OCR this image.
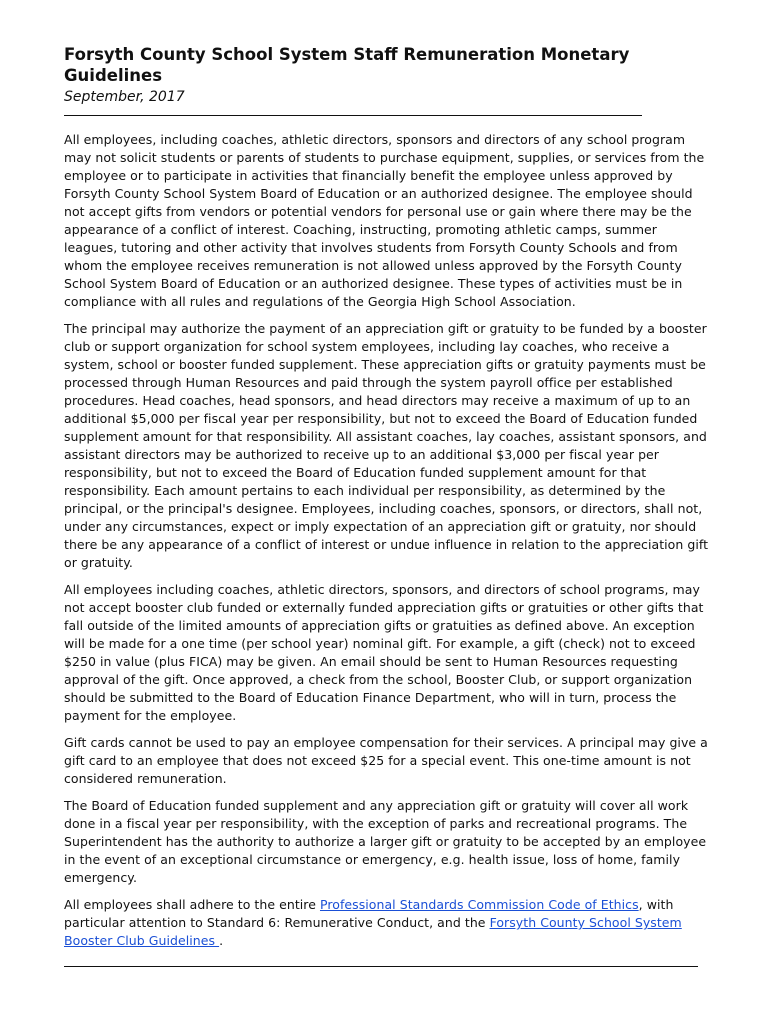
Forsyth County School System Staff Remuneration Monetary Guidelines
September, 2017

All employees, including coaches, athletic directors, sponsors and directors of any school program may not solicit students or parents of students to purchase equipment, supplies, or services from the employee or to participate in activities that financially benefit the employee unless approved by Forsyth County School System Board of Education or an authorized designee. The employee should not accept gifts from vendors or potential vendors for personal use or gain where there may be the appearance of a conflict of interest. Coaching, instructing, promoting athletic camps, summer leagues, tutoring and other activity that involves students from Forsyth County Schools and from whom the employee receives remuneration is not allowed unless approved by the Forsyth County School System Board of Education or an authorized designee. These types of activities must be in compliance with all rules and regulations of the Georgia High School Association.

The principal may authorize the payment of an appreciation gift or gratuity to be funded by a booster club or support organization for school system employees, including lay coaches, who receive a system, school or booster funded supplement. These appreciation gifts or gratuity payments must be processed through Human Resources and paid through the system payroll office per established procedures. Head coaches, head sponsors, and head directors may receive a maximum of up to an additional $5,000 per fiscal year per responsibility, but not to exceed the Board of Education funded supplement amount for that responsibility. All assistant coaches, lay coaches, assistant sponsors, and assistant directors may be authorized to receive up to an additional $3,000 per fiscal year per responsibility, but not to exceed the Board of Education funded supplement amount for that responsibility. Each amount pertains to each individual per responsibility, as determined by the principal, or the principal's designee. Employees, including coaches, sponsors, or directors, shall not, under any circumstances, expect or imply expectation of an appreciation gift or gratuity, nor should there be any appearance of a conflict of interest or undue influence in relation to the appreciation gift or gratuity.

All employees including coaches, athletic directors, sponsors, and directors of school programs, may not accept booster club funded or externally funded appreciation gifts or gratuities or other gifts that fall outside of the limited amounts of appreciation gifts or gratuities as defined above. An exception will be made for a one time (per school year) nominal gift. For example, a gift (check) not to exceed $250 in value (plus FICA) may be given. An email should be sent to Human Resources requesting approval of the gift. Once approved, a check from the school, Booster Club, or support organization should be submitted to the Board of Education Finance Department, who will in turn, process the payment for the employee.

Gift cards cannot be used to pay an employee compensation for their services. A principal may give a gift card to an employee that does not exceed $25 for a special event. This one-time amount is not considered remuneration.

The Board of Education funded supplement and any appreciation gift or gratuity will cover all work done in a fiscal year per responsibility, with the exception of parks and recreational programs. The Superintendent has the authority to authorize a larger gift or gratuity to be accepted by an employee in the event of an exceptional circumstance or emergency, e.g. health issue, loss of home, family emergency.

All employees shall adhere to the entire Professional Standards Commission Code of Ethics, with particular attention to Standard 6: Remunerative Conduct, and the Forsyth County School System Booster Club Guidelines .
